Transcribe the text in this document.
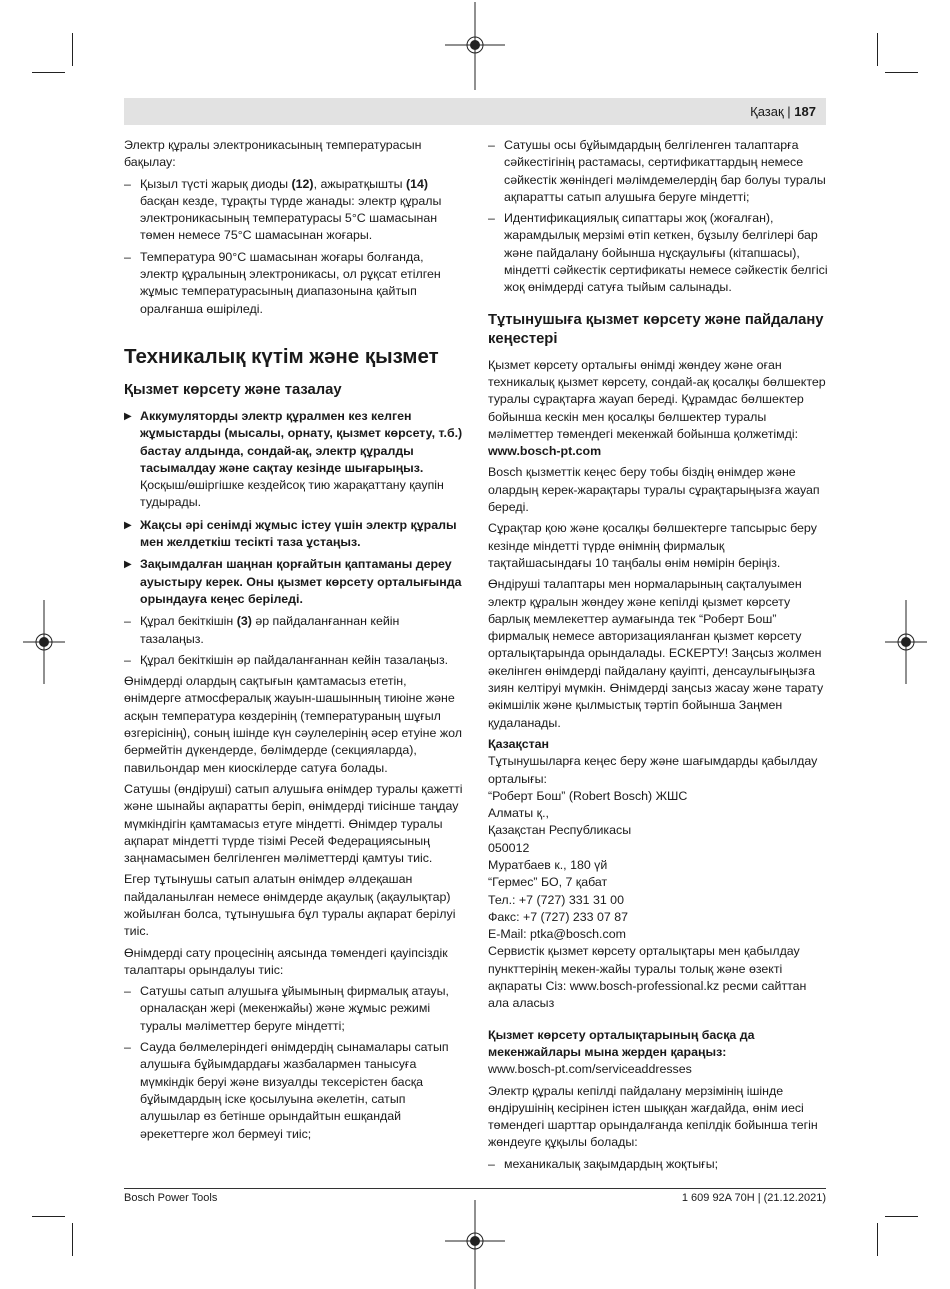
Қазақ | 187

Электр құралы электроникасының температурасын бақылау:

– Қызыл түсті жарық диоды (12), ажыратқышты (14) басқан кезде, тұрақты түрде жанады: электр құралы электроникасының температурасы 5°C шамасынан төмен немесе 75°C шамасынан жоғары.
– Температура 90°C шамасынан жоғары болғанда, электр құралының электроникасы, ол рұқсат етілген жұмыс температурасының диапазонына қайтып оралғанша өшіріледі.
Техникалық күтім және қызмет
Қызмет көрсету және тазалау
▶ Аккумуляторды электр құралмен кез келген жұмыстарды (мысалы, орнату, қызмет көрсету, т.б.) бастау алдында, сондай-ақ, электр құралды тасымалдау және сақтау кезінде шығарыңыз. Қосқыш/өшіргішке кездейсоқ тию жарақаттану қаупін тудырады.
▶ Жақсы әрі сенімді жұмыс істеу үшін электр құралы мен желдеткіш тесікті таза ұстаңыз.
▶ Зақымдалған шаңнан қорғайтын қаптаманы дереу ауыстыру керек. Оны қызмет көрсету орталығында орындауға кеңес беріледі.
– Құрал бекіткішін (3) әр пайдаланғаннан кейін тазалаңыз.
– Құрал бекіткішін әр пайдаланғаннан кейін тазалаңыз.

Өнімдерді олардың сақтығын қамтамасыз ететін, өнімдерге атмосфералық жауын-шашынның тиюіне және асқын температура көздерінің (температураның шұғыл өзгерісінің), соның ішінде күн сәулелерінің әсер етуіне жол бермейтін дүкендерде, бөлімдерде (секцияларда), павильондар мен киоскілерде сатуға болады.

Сатушы (өндіруші) сатып алушыға өнімдер туралы қажетті және шынайы ақпаратты беріп, өнімдерді тиісінше таңдау мүмкіндігін қамтамасыз етуге міндетті. Өнімдер туралы ақпарат міндетті түрде тізімі Ресей Федерациясының заңнамасымен белгіленген мәліметтерді қамтуы тиіс.

Егер тұтынушы сатып алатын өнімдер әлдеқашан пайдаланылған немесе өнімдерде ақаулық (ақаулықтар) жойылған болса, тұтынушыға бұл туралы ақпарат берілуі тиіс.

Өнімдерді сату процесінің аясында төмендегі қауіпсіздік талаптары орындалуы тиіс:

– Сатушы сатып алушыға ұйымының фирмалық атауы, орналасқан жері (мекенжайы) және жұмыс режимі туралы мәліметтер беруге міндетті;
– Сауда бөлмелеріндегі өнімдердің сынамалары сатып алушыға бұйымдардағы жазбалармен танысуға мүмкіндік беруі және визуалды тексерістен басқа бұйымдардың іске қосылуына әкелетін, сатып алушылар өз бетінше орындайтын ешқандай әрекеттерге жол бермеуі тиіс;
– Сатушы осы бұйымдардың белгіленген талаптарға сәйкестігінің растамасы, сертификаттардың немесе сәйкестік жөніндегі мәлімдемелердің бар болуы туралы ақпаратты сатып алушыға беруге міндетті;
– Идентификациялық сипаттары жоқ (жоғалған), жарамдылық мерзімі өтіп кеткен, бұзылу белгілері бар және пайдалану бойынша нұсқаулығы (кітапшасы), міндетті сәйкестік сертификаты немесе сәйкестік белгісі жоқ өнімдерді сатуға тыйым салынады.
Тұтынушыға қызмет көрсету және пайдалану кеңестері

Қызмет көрсету орталығы өнімді жөндеу және оған техникалық қызмет көрсету, сондай-ақ қосалқы бөлшектер туралы сұрақтарға жауап береді. Құрамдас бөлшектер бойынша кескін мен қосалқы бөлшектер туралы мәліметтер төмендегі мекенжай бойынша қолжетімді: www.bosch-pt.com

Bosch қызметтік кеңес беру тобы біздің өнімдер және олардың керек-жарақтары туралы сұрақтарыңызға жауап береді.

Сұрақтар қою және қосалқы бөлшектерге тапсырыс беру кезінде міндетті түрде өнімнің фирмалық тақтайшасындағы 10 таңбалы өнім нөмірін беріңіз.

Өндіруші талаптары мен нормаларының сақталуымен электр құралын жөндеу және кепілді қызмет көрсету барлық мемлекеттер аумағында тек “Роберт Бош” фирмалық немесе авторизацияланған қызмет көрсету орталықтарында орындалады. ЕСКЕРТУ! Заңсыз жолмен әкелінген өнімдерді пайдалану қауіпті, денсаулығыңызға зиян келтіруі мүмкін. Өнімдерді заңсыз жасау және тарату әкімшілік және қылмыстық тәртіп бойынша Заңмен қудаланады.

Қазақстан

Тұтынушыларға кеңес беру және шағымдарды қабылдау орталығы:
“Роберт Бош” (Robert Bosch) ЖШС
Алматы қ.,
Қазақстан Республикасы
050012
Муратбаев к., 180 үй
“Гермес” БО, 7 қабат
Тел.: +7 (727) 331 31 00
Факс: +7 (727) 233 07 87
E-Mail: ptka@bosch.com
Сервистік қызмет көрсету орталықтары мен қабылдау пункттерінің мекен-жайы туралы толық және өзекті ақпараты Сіз: www.bosch-professional.kz ресми сайттан ала аласыз

Қызмет көрсету орталықтарының басқа да мекенжайлары мына жерден қараңыз:

www.bosch-pt.com/serviceaddresses

Электр құралы кепілді пайдалану мерзімінің ішінде өндірушінің кесірінен істен шыққан жағдайда, өнім иесі төмендегі шарттар орындалғанда кепілдік бойынша тегін жөндеуге құқылы болады:

– механикалық зақымдардың жоқтығы;
Bosch Power Tools	1 609 92A 70H | (21.12.2021)
